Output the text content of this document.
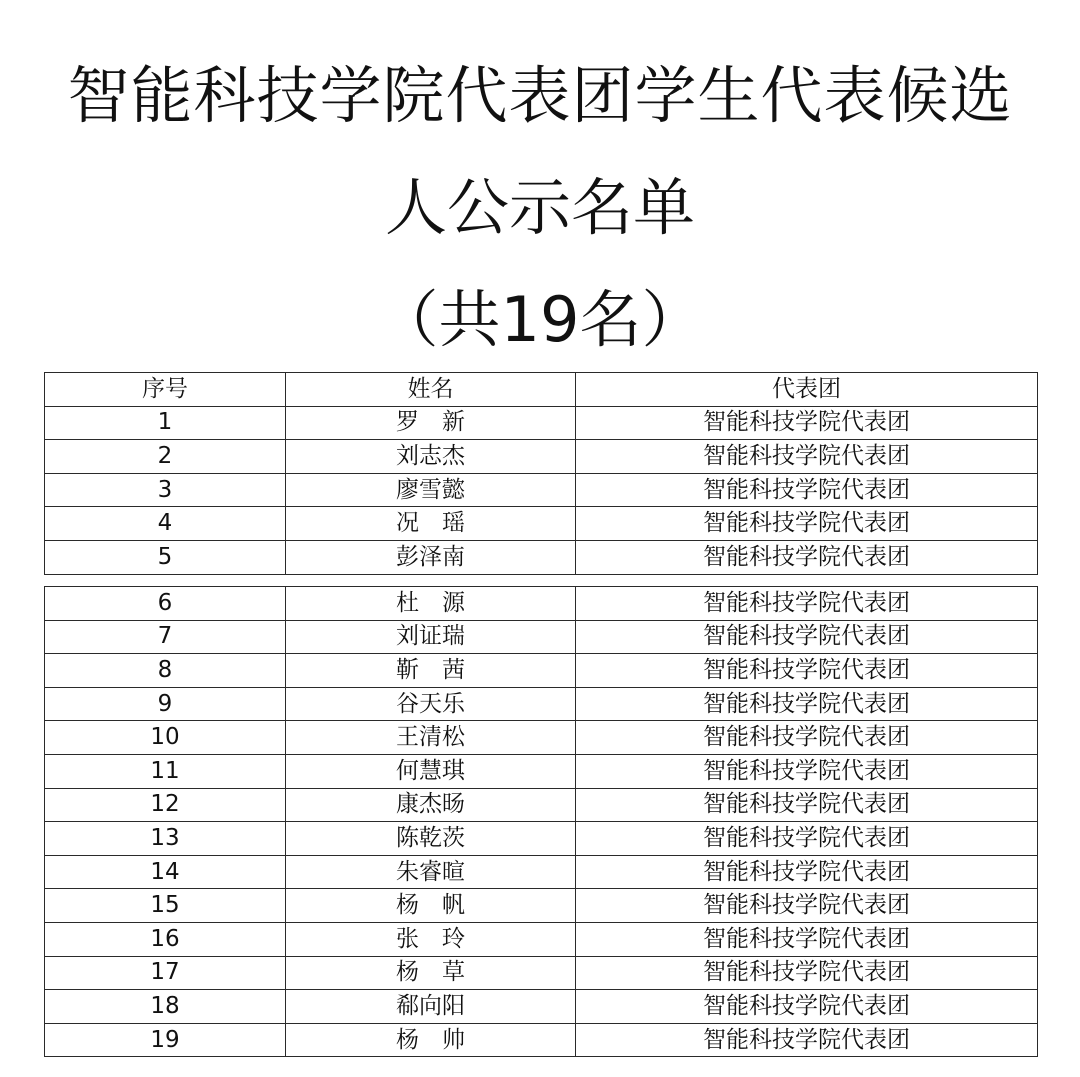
智能科技学院代表团学生代表候选
人公示名单
（共19名）
序号	姓名	代表团
1	罗　新	智能科技学院代表团
2	刘志杰	智能科技学院代表团
3	廖雪懿	智能科技学院代表团
4	况　瑶	智能科技学院代表团
5	彭泽南	智能科技学院代表团
6	杜　源	智能科技学院代表团
7	刘证瑞	智能科技学院代表团
8	靳　茜	智能科技学院代表团
9	谷天乐	智能科技学院代表团
10	王清松	智能科技学院代表团
11	何慧琪	智能科技学院代表团
12	康杰旸	智能科技学院代表团
13	陈乾茨	智能科技学院代表团
14	朱睿暄	智能科技学院代表团
15	杨　帆	智能科技学院代表团
16	张　玲	智能科技学院代表团
17	杨　草	智能科技学院代表团
18	郗向阳	智能科技学院代表团
19	杨　帅	智能科技学院代表团
